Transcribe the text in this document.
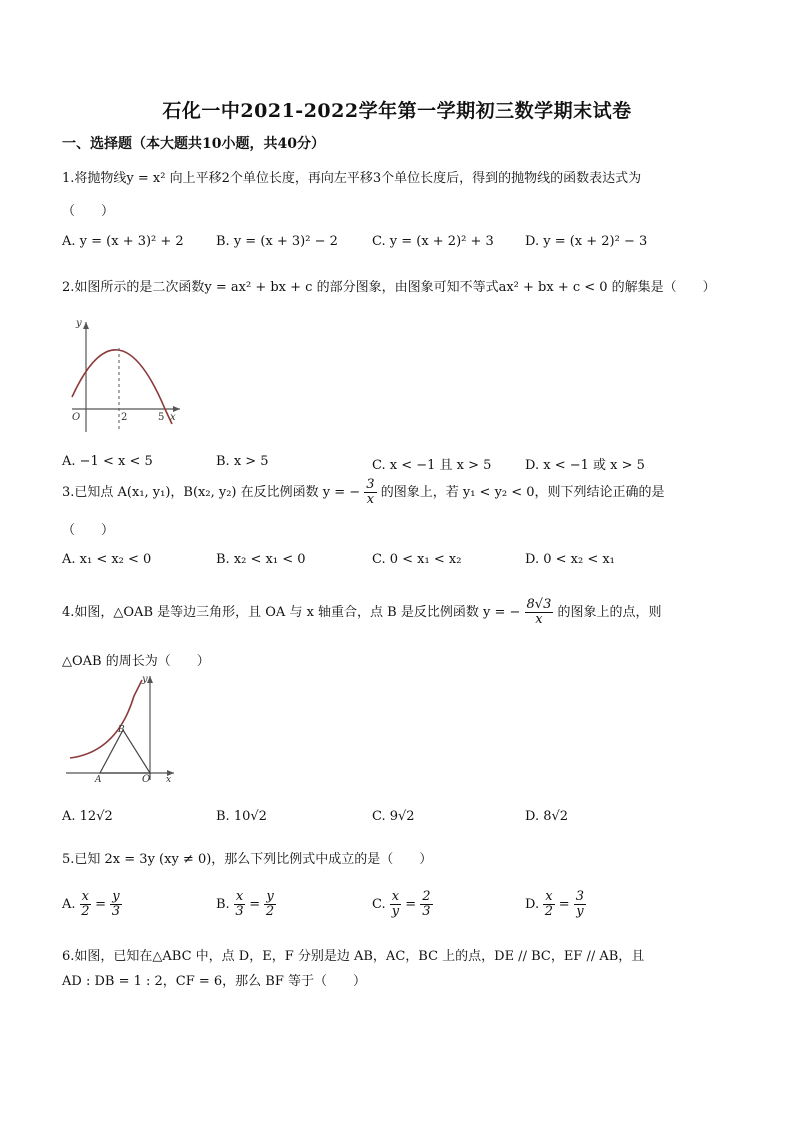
石化一中2021-2022学年第一学期初三数学期末试卷
一、选择题（本大题共10小题，共40分）
1.将抛物线y = x² 向上平移2个单位长度，再向左平移3个单位长度后，得到的抛物线的函数表达式为
（　　）
A. y = (x + 3)² + 2 B. y = (x + 3)² − 2	C. y = (x + 2)² + 3 D. y = (x + 2)² − 3
2.如图所示的是二次函数y = ax² + bx + c 的部分图象，由图象可知不等式ax² + bx + c < 0 的解集是（　　）
y
O	2	5 x
A. −1 < x < 5	B. x > 5	C. x < −1 且 x > 5	D. x < −1 或 x > 5
3.已知点 A(x₁, y₁)，B(x₂, y₂) 在反比例函数 y = − $\frac{3}{x}$ 的图象上，若 y₁ < y₂ < 0，则下列结论正确的是
（　　）
A. x₁ < x₂ < 0	B. x₂ < x₁ < 0	C. 0 < x₁ < x₂	D. 0 < x₂ < x₁
4.如图，△OAB 是等边三角形，且 OA 与 x 轴重合，点 B 是反比例函数 y = − $\frac{8√3}{x}$ 的图象上的点，则
△OAB 的周长为（　　）
y
B
A	O x
A. 12√2	B. 10√2	C. 9√2	D. 8√2
5.已知 2x = 3y (xy ≠ 0)，那么下列比例式中成立的是（　　）
A. $\frac{x}{2} = \frac{y}{3}$	B. $\frac{x}{3} = \frac{y}{2}$	C. $\frac{x}{y} = \frac{2}{3}$	D. $\frac{x}{2} = \frac{3}{y}$
6.如图，已知在△ABC 中，点 D，E，F 分别是边 AB，AC，BC 上的点，DE // BC，EF // AB，且
AD : DB = 1 : 2，CF = 6，那么 BF 等于（　　）
